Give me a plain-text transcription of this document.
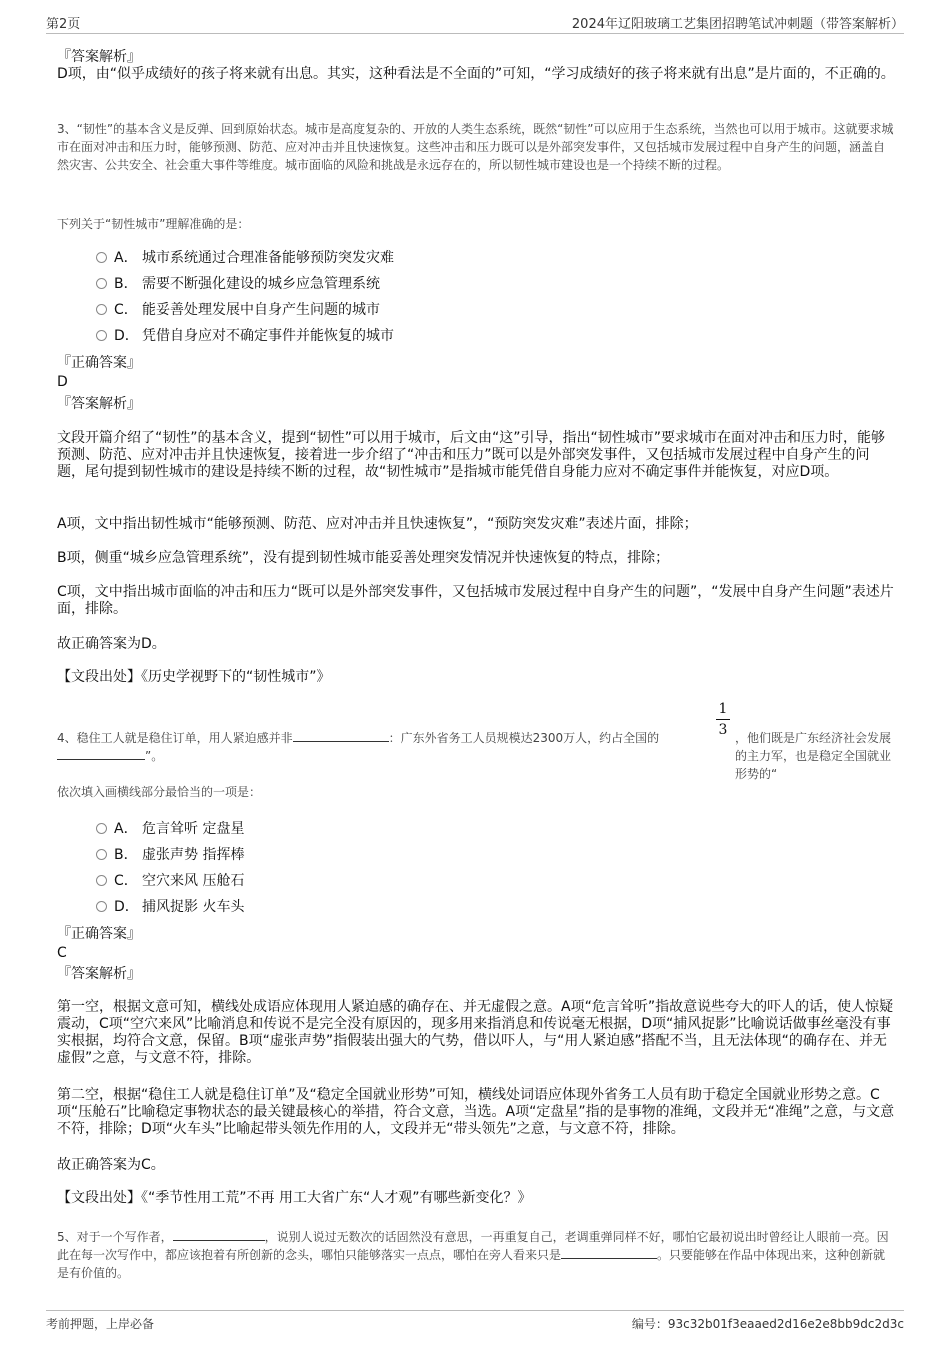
第2页	2024年辽阳玻璃工艺集团招聘笔试冲刺题（带答案解析）
『答案解析』
D项，由“似乎成绩好的孩子将来就有出息。其实，这种看法是不全面的”可知，“学习成绩好的孩子将来就有出息”是片面的，不正确的。
3、“韧性”的基本含义是反弹、回到原始状态。城市是高度复杂的、开放的人类生态系统，既然“韧性”可以应用于生态系统，当然也可以用于城市。这就要求城市在面对冲击和压力时，能够预测、防范、应对冲击并且快速恢复。这些冲击和压力既可以是外部突发事件，又包括城市发展过程中自身产生的问题，涵盖自然灾害、公共安全、社会重大事件等维度。城市面临的风险和挑战是永远存在的，所以韧性城市建设也是一个持续不断的过程。
下列关于“韧性城市”理解准确的是：
A． 城市系统通过合理准备能够预防突发灾难
B． 需要不断强化建设的城乡应急管理系统
C． 能妥善处理发展中自身产生问题的城市
D． 凭借自身应对不确定事件并能恢复的城市
『正确答案』
D
『答案解析』
文段开篇介绍了“韧性”的基本含义，提到“韧性”可以用于城市，后文由“这”引导，指出“韧性城市”要求城市在面对冲击和压力时，能够预测、防范、应对冲击并且快速恢复，接着进一步介绍了“冲击和压力”既可以是外部突发事件，又包括城市发展过程中自身产生的问题，尾句提到韧性城市的建设是持续不断的过程，故“韧性城市”是指城市能凭借自身能力应对不确定事件并能恢复，对应D项。
A项，文中指出韧性城市“能够预测、防范、应对冲击并且快速恢复”，“预防突发灾难”表述片面，排除；
B项，侧重“城乡应急管理系统”，没有提到韧性城市能妥善处理突发情况并快速恢复的特点，排除；
C项，文中指出城市面临的冲击和压力“既可以是外部突发事件，又包括城市发展过程中自身产生的问题”，“发展中自身产生问题”表述片面，排除。
故正确答案为D。
【文段出处】《历史学视野下的“韧性城市”》
1
3
4、稳住工人就是稳住订单，用人紧迫感并非	：广东外省务工人员规模达2300万人，约占全国的	，他们既是广东经济社会发展的主力军，也是稳定全国就业形势的“
”。
依次填入画横线部分最恰当的一项是：
A． 危言耸听 定盘星
B． 虚张声势 指挥棒
C． 空穴来风 压舱石
D． 捕风捉影 火车头
『正确答案』
C
『答案解析』
第一空，根据文意可知，横线处成语应体现用人紧迫感的确存在、并无虚假之意。A项“危言耸听”指故意说些夸大的吓人的话，使人惊疑震动，C项“空穴来风”比喻消息和传说不是完全没有原因的，现多用来指消息和传说毫无根据，D项“捕风捉影”比喻说话做事丝毫没有事实根据，均符合文意，保留。B项“虚张声势”指假装出强大的气势，借以吓人，与“用人紧迫感”搭配不当，且无法体现“的确存在、并无虚假”之意，与文意不符，排除。
第二空，根据“稳住工人就是稳住订单”及“稳定全国就业形势”可知，横线处词语应体现外省务工人员有助于稳定全国就业形势之意。C项“压舱石”比喻稳定事物状态的最关键最核心的举措，符合文意，当选。A项“定盘星”指的是事物的准绳，文段并无“准绳”之意，与文意不符，排除；D项“火车头”比喻起带头领先作用的人，文段并无“带头领先”之意，与文意不符，排除。
故正确答案为C。
【文段出处】《“季节性用工荒”不再 用工大省广东“人才观”有哪些新变化？》
5、对于一个写作者，	，说别人说过无数次的话固然没有意思，一再重复自己，老调重弹同样不好，哪怕它最初说出时曾经让人眼前一亮。因此在每一次写作中，都应该抱着有所创新的念头，哪怕只能够落实一点点，哪怕在旁人看来只是	。只要能够在作品中体现出来，这种创新就是有价值的。
考前押题，上岸必备	编号：93c32b01f3eaaed2d16e2e8bb9dc2d3c
